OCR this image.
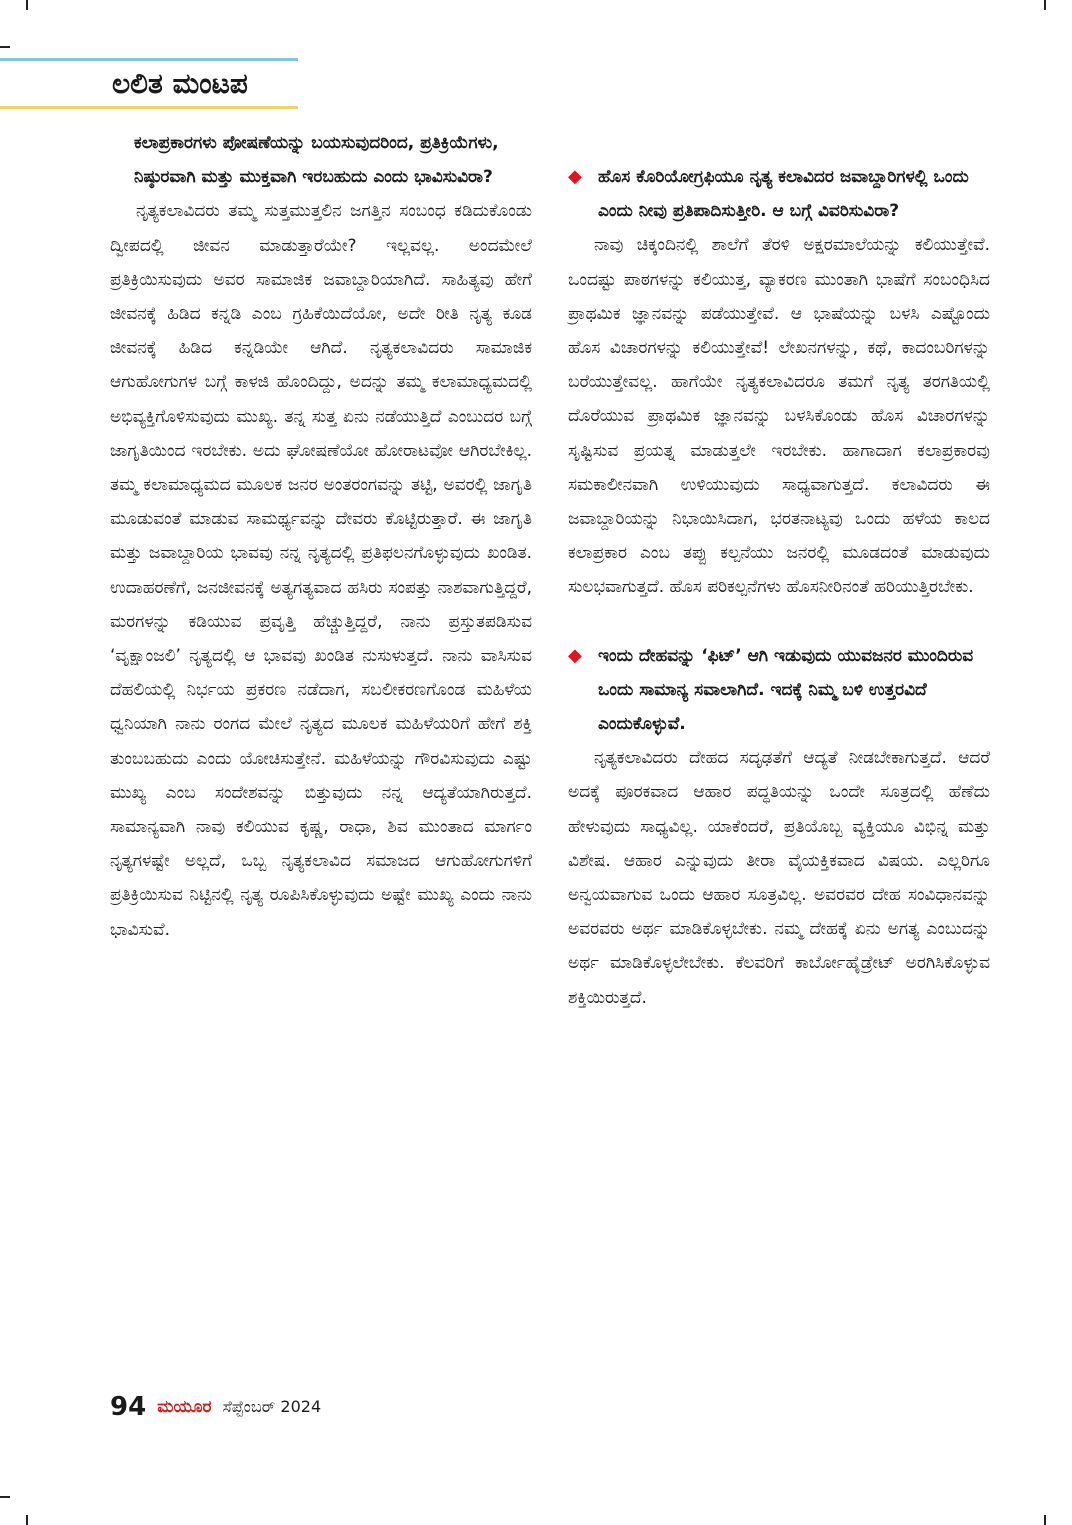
ಲಲಿತ ಮಂಟಪ

ಕಲಾಪ್ರಕಾರಗಳು ಪೋಷಣೆಯನ್ನು ಬಯಸುವುದರಿಂದ, ಪ್ರತಿಕ್ರಿಯೆಗಳು, ನಿಷ್ಠುರವಾಗಿ ಮತ್ತು ಮುಕ್ತವಾಗಿ ಇರಬಹುದು ಎಂದು ಭಾವಿಸುವಿರಾ?

ನೃತ್ಯಕಲಾವಿದರು ತಮ್ಮ ಸುತ್ತಮುತ್ತಲಿನ ಜಗತ್ತಿನ ಸಂಬಂಧ ಕಡಿದುಕೊಂಡು ದ್ವೀಪದಲ್ಲಿ ಜೀವನ ಮಾಡುತ್ತಾರೆಯೇ? ಇಲ್ಲವಲ್ಲ. ಅಂದಮೇಲೆ ಪ್ರತಿಕ್ರಿಯಿಸುವುದು ಅವರ ಸಾಮಾಜಿಕ ಜವಾಬ್ದಾರಿಯಾಗಿದೆ. ಸಾಹಿತ್ಯವು ಹೇಗೆ ಜೀವನಕ್ಕೆ ಹಿಡಿದ ಕನ್ನಡಿ ಎಂಬ ಗ್ರಹಿಕೆಯಿದೆಯೋ, ಅದೇ ರೀತಿ ನೃತ್ಯ ಕೂಡ ಜೀವನಕ್ಕೆ ಹಿಡಿದ ಕನ್ನಡಿಯೇ ಆಗಿದೆ. ನೃತ್ಯಕಲಾವಿದರು ಸಾಮಾಜಿಕ ಆಗುಹೋಗುಗಳ ಬಗ್ಗೆ ಕಾಳಜಿ ಹೊಂದಿದ್ದು, ಅದನ್ನು ತಮ್ಮ ಕಲಾಮಾಧ್ಯಮದಲ್ಲಿ ಅಭಿವ್ಯಕ್ತಿಗೊಳಿಸುವುದು ಮುಖ್ಯ. ತನ್ನ ಸುತ್ತ ಏನು ನಡೆಯುತ್ತಿದೆ ಎಂಬುದರ ಬಗ್ಗೆ ಜಾಗೃತಿಯಿಂದ ಇರಬೇಕು. ಅದು ಘೋಷಣೆಯೋ ಹೋರಾಟವೋ ಆಗಿರಬೇಕಿಲ್ಲ. ತಮ್ಮ ಕಲಾಮಾಧ್ಯಮದ ಮೂಲಕ ಜನರ ಅಂತರಂಗವನ್ನು ತಟ್ಟಿ, ಅವರಲ್ಲಿ ಜಾಗೃತಿ ಮೂಡುವಂತೆ ಮಾಡುವ ಸಾಮರ್ಥ್ಯವನ್ನು ದೇವರು ಕೊಟ್ಟಿರುತ್ತಾರೆ. ಈ ಜಾಗೃತಿ ಮತ್ತು ಜವಾಬ್ದಾರಿಯ ಭಾವವು ನನ್ನ ನೃತ್ಯದಲ್ಲಿ ಪ್ರತಿಫಲನಗೊಳ್ಳುವುದು ಖಂಡಿತ. ಉದಾಹರಣೆಗೆ, ಜನಜೀವನಕ್ಕೆ ಅತ್ಯಗತ್ಯವಾದ ಹಸಿರು ಸಂಪತ್ತು ನಾಶವಾಗುತ್ತಿದ್ದರೆ, ಮರಗಳನ್ನು ಕಡಿಯುವ ಪ್ರವೃತ್ತಿ ಹೆಚ್ಚುತ್ತಿದ್ದರೆ, ನಾನು ಪ್ರಸ್ತುತಪಡಿಸುವ ‘ವೃಕ್ಷಾಂಜಲಿ’ ನೃತ್ಯದಲ್ಲಿ ಆ ಭಾವವು ಖಂಡಿತ ನುಸುಳುತ್ತದೆ. ನಾನು ವಾಸಿಸುವ ದೆಹಲಿಯಲ್ಲಿ ನಿರ್ಭಯ ಪ್ರಕರಣ ನಡೆದಾಗ, ಸಬಲೀಕರಣಗೊಂಡ ಮಹಿಳೆಯ ಧ್ವನಿಯಾಗಿ ನಾನು ರಂಗದ ಮೇಲೆ ನೃತ್ಯದ ಮೂಲಕ ಮಹಿಳೆಯರಿಗೆ ಹೇಗೆ ಶಕ್ತಿ ತುಂಬಬಹುದು ಎಂದು ಯೋಚಿಸುತ್ತೇನೆ. ಮಹಿಳೆಯನ್ನು ಗೌರವಿಸುವುದು ಎಷ್ಟು ಮುಖ್ಯ ಎಂಬ ಸಂದೇಶವನ್ನು ಬಿತ್ತುವುದು ನನ್ನ ಆದ್ಯತೆಯಾಗಿರುತ್ತದೆ. ಸಾಮಾನ್ಯವಾಗಿ ನಾವು ಕಲಿಯುವ ಕೃಷ್ಣ, ರಾಧಾ, ಶಿವ ಮುಂತಾದ ಮಾರ್ಗಂ ನೃತ್ಯಗಳಷ್ಟೇ ಅಲ್ಲದೆ, ಒಬ್ಬ ನೃತ್ಯಕಲಾವಿದ ಸಮಾಜದ ಆಗುಹೋಗುಗಳಿಗೆ ಪ್ರತಿಕ್ರಿಯಿಸುವ ನಿಟ್ಟಿನಲ್ಲಿ ನೃತ್ಯ ರೂಪಿಸಿಕೊಳ್ಳುವುದು ಅಷ್ಟೇ ಮುಖ್ಯ ಎಂದು ನಾನು ಭಾವಿಸುವೆ.

◆ ಹೊಸ ಕೊರಿಯೋಗ್ರಫಿಯೂ ನೃತ್ಯ ಕಲಾವಿದರ ಜವಾಬ್ದಾರಿಗಳಲ್ಲಿ ಒಂದು ಎಂದು ನೀವು ಪ್ರತಿಪಾದಿಸುತ್ತೀರಿ. ಆ ಬಗ್ಗೆ ವಿವರಿಸುವಿರಾ?

ನಾವು ಚಿಕ್ಕಂದಿನಲ್ಲಿ ಶಾಲೆಗೆ ತೆರಳಿ ಅಕ್ಷರಮಾಲೆಯನ್ನು ಕಲಿಯುತ್ತೇವೆ. ಒಂದಷ್ಟು ಪಾಠಗಳನ್ನು ಕಲಿಯುತ್ತ, ವ್ಯಾಕರಣ ಮುಂತಾಗಿ ಭಾಷೆಗೆ ಸಂಬಂಧಿಸಿದ ಪ್ರಾಥಮಿಕ ಜ್ಞಾನವನ್ನು ಪಡೆಯುತ್ತೇವೆ. ಆ ಭಾಷೆಯನ್ನು ಬಳಸಿ ಎಷ್ಟೊಂದು ಹೊಸ ವಿಚಾರಗಳನ್ನು ಕಲಿಯುತ್ತೇವೆ! ಲೇಖನಗಳನ್ನು, ಕಥೆ, ಕಾದಂಬರಿಗಳನ್ನು ಬರೆಯುತ್ತೇವಲ್ಲ. ಹಾಗೆಯೇ ನೃತ್ಯಕಲಾವಿದರೂ ತಮಗೆ ನೃತ್ಯ ತರಗತಿಯಲ್ಲಿ ದೊರೆಯುವ ಪ್ರಾಥಮಿಕ ಜ್ಞಾನವನ್ನು ಬಳಸಿಕೊಂಡು ಹೊಸ ವಿಚಾರಗಳನ್ನು ಸೃಷ್ಟಿಸುವ ಪ್ರಯತ್ನ ಮಾಡುತ್ತಲೇ ಇರಬೇಕು. ಹಾಗಾದಾಗ ಕಲಾಪ್ರಕಾರವು ಸಮಕಾಲೀನವಾಗಿ ಉಳಿಯುವುದು ಸಾಧ್ಯವಾಗುತ್ತದೆ. ಕಲಾವಿದರು ಈ ಜವಾಬ್ದಾರಿಯನ್ನು ನಿಭಾಯಿಸಿದಾಗ, ಭರತನಾಟ್ಯವು ಒಂದು ಹಳೆಯ ಕಾಲದ ಕಲಾಪ್ರಕಾರ ಎಂಬ ತಪ್ಪು ಕಲ್ಪನೆಯು ಜನರಲ್ಲಿ ಮೂಡದಂತೆ ಮಾಡುವುದು ಸುಲಭವಾಗುತ್ತದೆ. ಹೊಸ ಪರಿಕಲ್ಪನೆಗಳು ಹೊಸನೀರಿನಂತೆ ಹರಿಯುತ್ತಿರಬೇಕು.

◆ ಇಂದು ದೇಹವನ್ನು ‘ಫಿಟ್’ ಆಗಿ ಇಡುವುದು ಯುವಜನರ ಮುಂದಿರುವ ಒಂದು ಸಾಮಾನ್ಯ ಸವಾಲಾಗಿದೆ. ಇದಕ್ಕೆ ನಿಮ್ಮ ಬಳಿ ಉತ್ತರವಿದೆ ಎಂದುಕೊಳ್ಳುವೆ.

ನೃತ್ಯಕಲಾವಿದರು ದೇಹದ ಸದೃಢತೆಗೆ ಆದ್ಯತೆ ನೀಡಬೇಕಾಗುತ್ತದೆ. ಆದರೆ ಅದಕ್ಕೆ ಪೂರಕವಾದ ಆಹಾರ ಪದ್ಧತಿಯನ್ನು ಒಂದೇ ಸೂತ್ರದಲ್ಲಿ ಹೆಣೆದು ಹೇಳುವುದು ಸಾಧ್ಯವಿಲ್ಲ. ಯಾಕೆಂದರೆ, ಪ್ರತಿಯೊಬ್ಬ ವ್ಯಕ್ತಿಯೂ ವಿಭಿನ್ನ ಮತ್ತು ವಿಶೇಷ. ಆಹಾರ ಎನ್ನುವುದು ತೀರಾ ವೈಯಕ್ತಿಕವಾದ ವಿಷಯ. ಎಲ್ಲರಿಗೂ ಅನ್ವಯವಾಗುವ ಒಂದು ಆಹಾರ ಸೂತ್ರವಿಲ್ಲ. ಅವರವರ ದೇಹ ಸಂವಿಧಾನವನ್ನು ಅವರವರು ಅರ್ಥ ಮಾಡಿಕೊಳ್ಳಬೇಕು. ನಮ್ಮ ದೇಹಕ್ಕೆ ಏನು ಅಗತ್ಯ ಎಂಬುದನ್ನು ಅರ್ಥ ಮಾಡಿಕೊಳ್ಳಲೇಬೇಕು. ಕೆಲವರಿಗೆ ಕಾರ್ಬೋಹೈಡ್ರೇಟ್ ಅರಗಿಸಿಕೊಳ್ಳುವ ಶಕ್ತಿಯಿರುತ್ತದೆ.

94 ಮಯೂರ ಸೆಪ್ಟೆಂಬರ್ 2024
